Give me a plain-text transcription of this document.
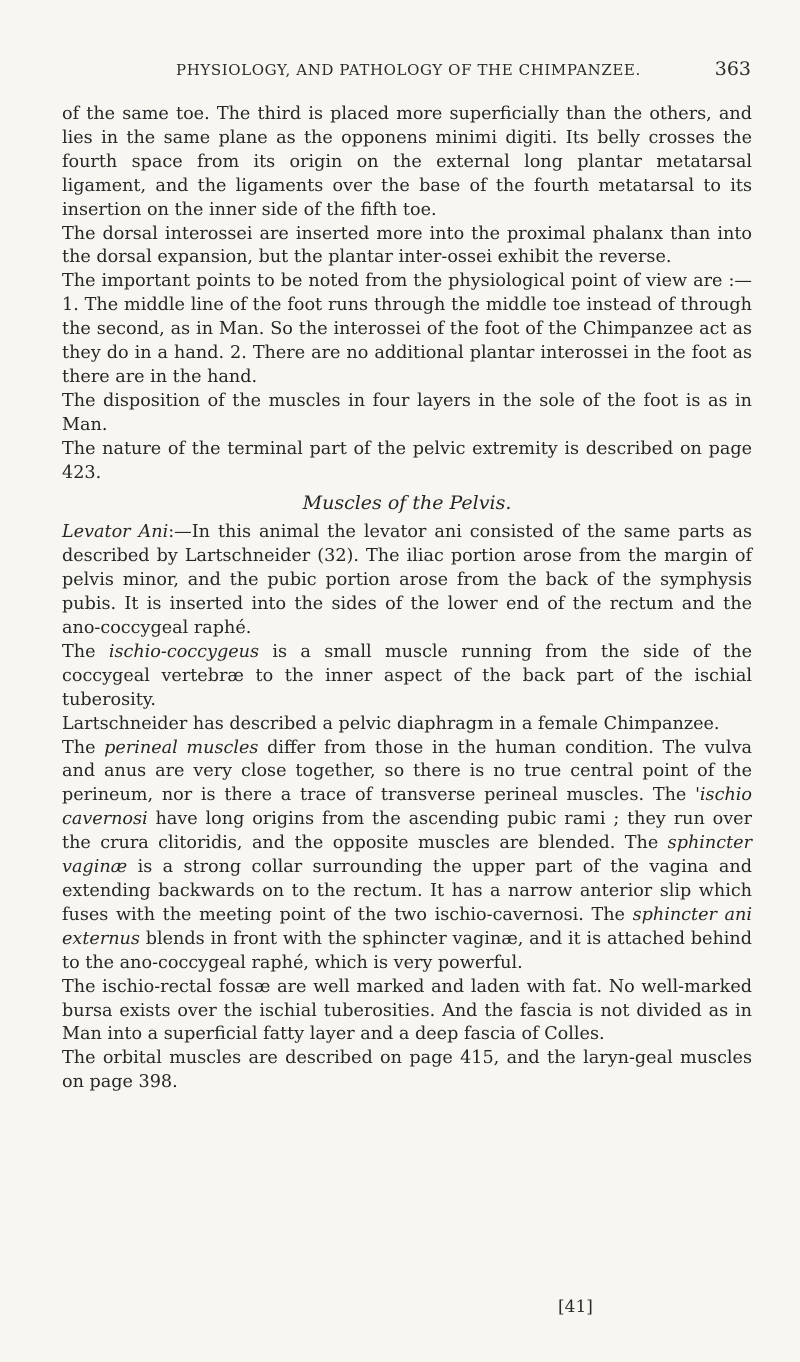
PHYSIOLOGY, AND PATHOLOGY OF THE CHIMPANZEE.	363

of the same toe. The third is placed more superficially than the others, and lies in the same plane as the opponens minimi digiti. Its belly crosses the fourth space from its origin on the external long plantar metatarsal ligament, and the ligaments over the base of the fourth metatarsal to its insertion on the inner side of the fifth toe.

The dorsal interossei are inserted more into the proximal phalanx than into the dorsal expansion, but the plantar inter-ossei exhibit the reverse.

The important points to be noted from the physiological point of view are :—1. The middle line of the foot runs through the middle toe instead of through the second, as in Man. So the interossei of the foot of the Chimpanzee act as they do in a hand. 2. There are no additional plantar interossei in the foot as there are in the hand.

The disposition of the muscles in four layers in the sole of the foot is as in Man.

The nature of the terminal part of the pelvic extremity is described on page 423.

Muscles of the Pelvis.

Levator Ani:—In this animal the levator ani consisted of the same parts as described by Lartschneider (32). The iliac portion arose from the margin of pelvis minor, and the pubic portion arose from the back of the symphysis pubis. It is inserted into the sides of the lower end of the rectum and the ano-coccygeal raphé.

The ischio-coccygeus is a small muscle running from the side of the coccygeal vertebræ to the inner aspect of the back part of the ischial tuberosity.

Lartschneider has described a pelvic diaphragm in a female Chimpanzee.

The perineal muscles differ from those in the human condition. The vulva and anus are very close together, so there is no true central point of the perineum, nor is there a trace of transverse perineal muscles. The 'ischio cavernosi have long origins from the ascending pubic rami ; they run over the crura clitoridis, and the opposite muscles are blended. The sphincter vaginæ is a strong collar surrounding the upper part of the vagina and extending backwards on to the rectum. It has a narrow anterior slip which fuses with the meeting point of the two ischio-cavernosi. The sphincter ani externus blends in front with the sphincter vaginæ, and it is attached behind to the ano-coccygeal raphé, which is very powerful.

The ischio-rectal fossæ are well marked and laden with fat. No well-marked bursa exists over the ischial tuberosities. And the fascia is not divided as in Man into a superficial fatty layer and a deep fascia of Colles.

The orbital muscles are described on page 415, and the laryn-geal muscles on page 398.

[41]
